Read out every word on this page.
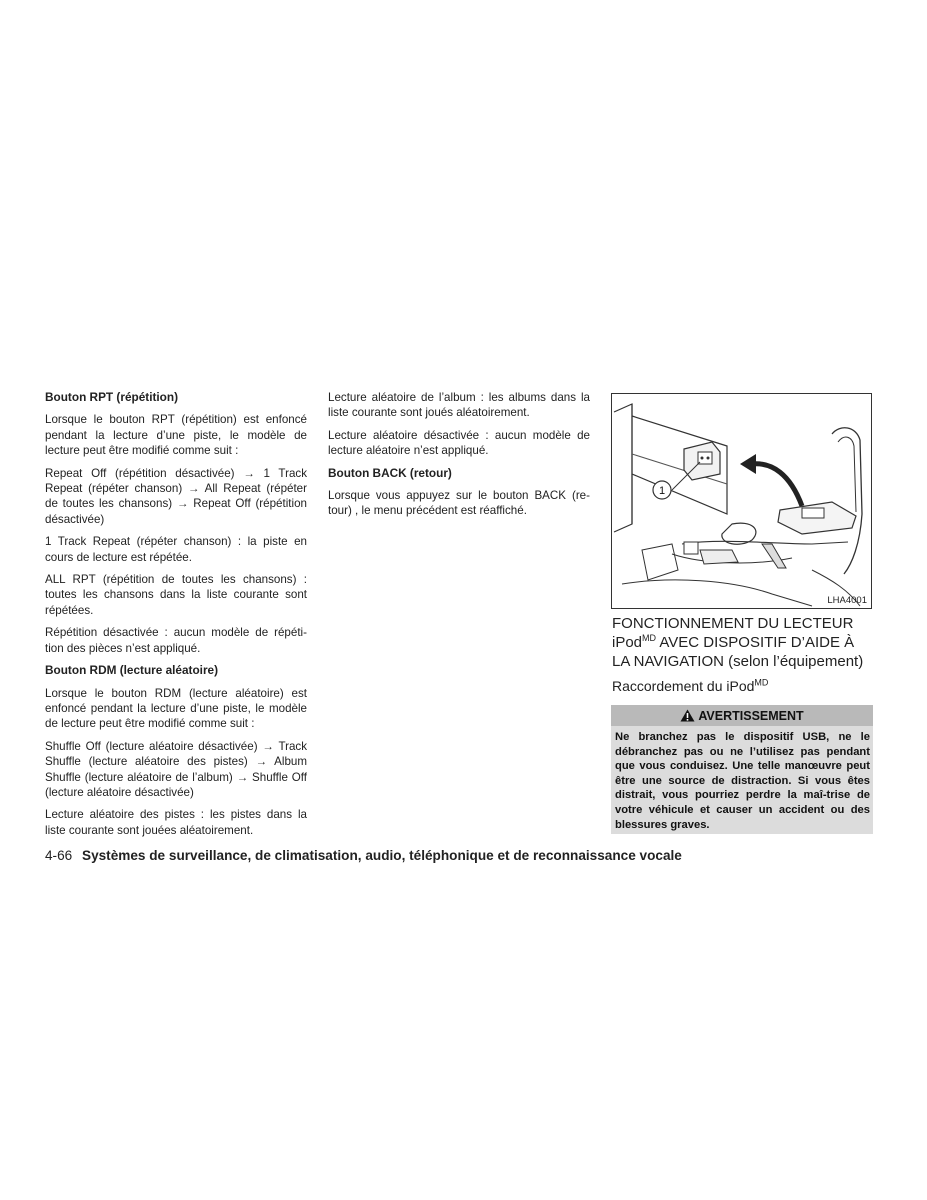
Bouton RPT (répétition)

Lorsque le bouton RPT (répétition) est enfoncé pendant la lecture d’une piste, le modèle de lecture peut être modifié comme suit :

Repeat Off (répétition désactivée) → 1 Track Repeat (répéter chanson) → All Repeat (répéter de toutes les chansons) → Repeat Off (répétition désactivée)

1 Track Repeat (répéter chanson) : la piste en cours de lecture est répétée.

ALL RPT (répétition de toutes les chansons) : toutes les chansons dans la liste courante sont répétées.

Répétition désactivée : aucun modèle de répéti-tion des pièces n’est appliqué.

Bouton RDM (lecture aléatoire)

Lorsque le bouton RDM (lecture aléatoire) est enfoncé pendant la lecture d’une piste, le modèle de lecture peut être modifié comme suit :

Shuffle Off (lecture aléatoire désactivée) → Track Shuffle (lecture aléatoire des pistes) → Album Shuffle (lecture aléatoire de l’album) → Shuffle Off (lecture aléatoire désactivée)

Lecture aléatoire des pistes : les pistes dans la liste courante sont jouées aléatoirement.

Lecture aléatoire de l’album : les albums dans la liste courante sont joués aléatoirement.

Lecture aléatoire désactivée : aucun modèle de lecture aléatoire n’est appliqué.

Bouton BACK (retour)

Lorsque vous appuyez sur le bouton BACK (re-tour) , le menu précédent est réaffiché.

1
LHA4001
FONCTIONNEMENT DU LECTEUR
iPod$^{MD}$ AVEC DISPOSITIF D’AIDE À
LA NAVIGATION (selon l’équipement)
Raccordement du iPod$^{MD}$
AVERTISSEMENT
Ne branchez pas le dispositif USB, ne le débranchez pas ou ne l’utilisez pas pendant que vous conduisez. Une telle manœuvre peut être une source de distraction. Si vous êtes distrait, vous pourriez perdre la maî-trise de votre véhicule et causer un accident ou des blessures graves.
4-66 Systèmes de surveillance, de climatisation, audio, téléphonique et de reconnaissance vocale
